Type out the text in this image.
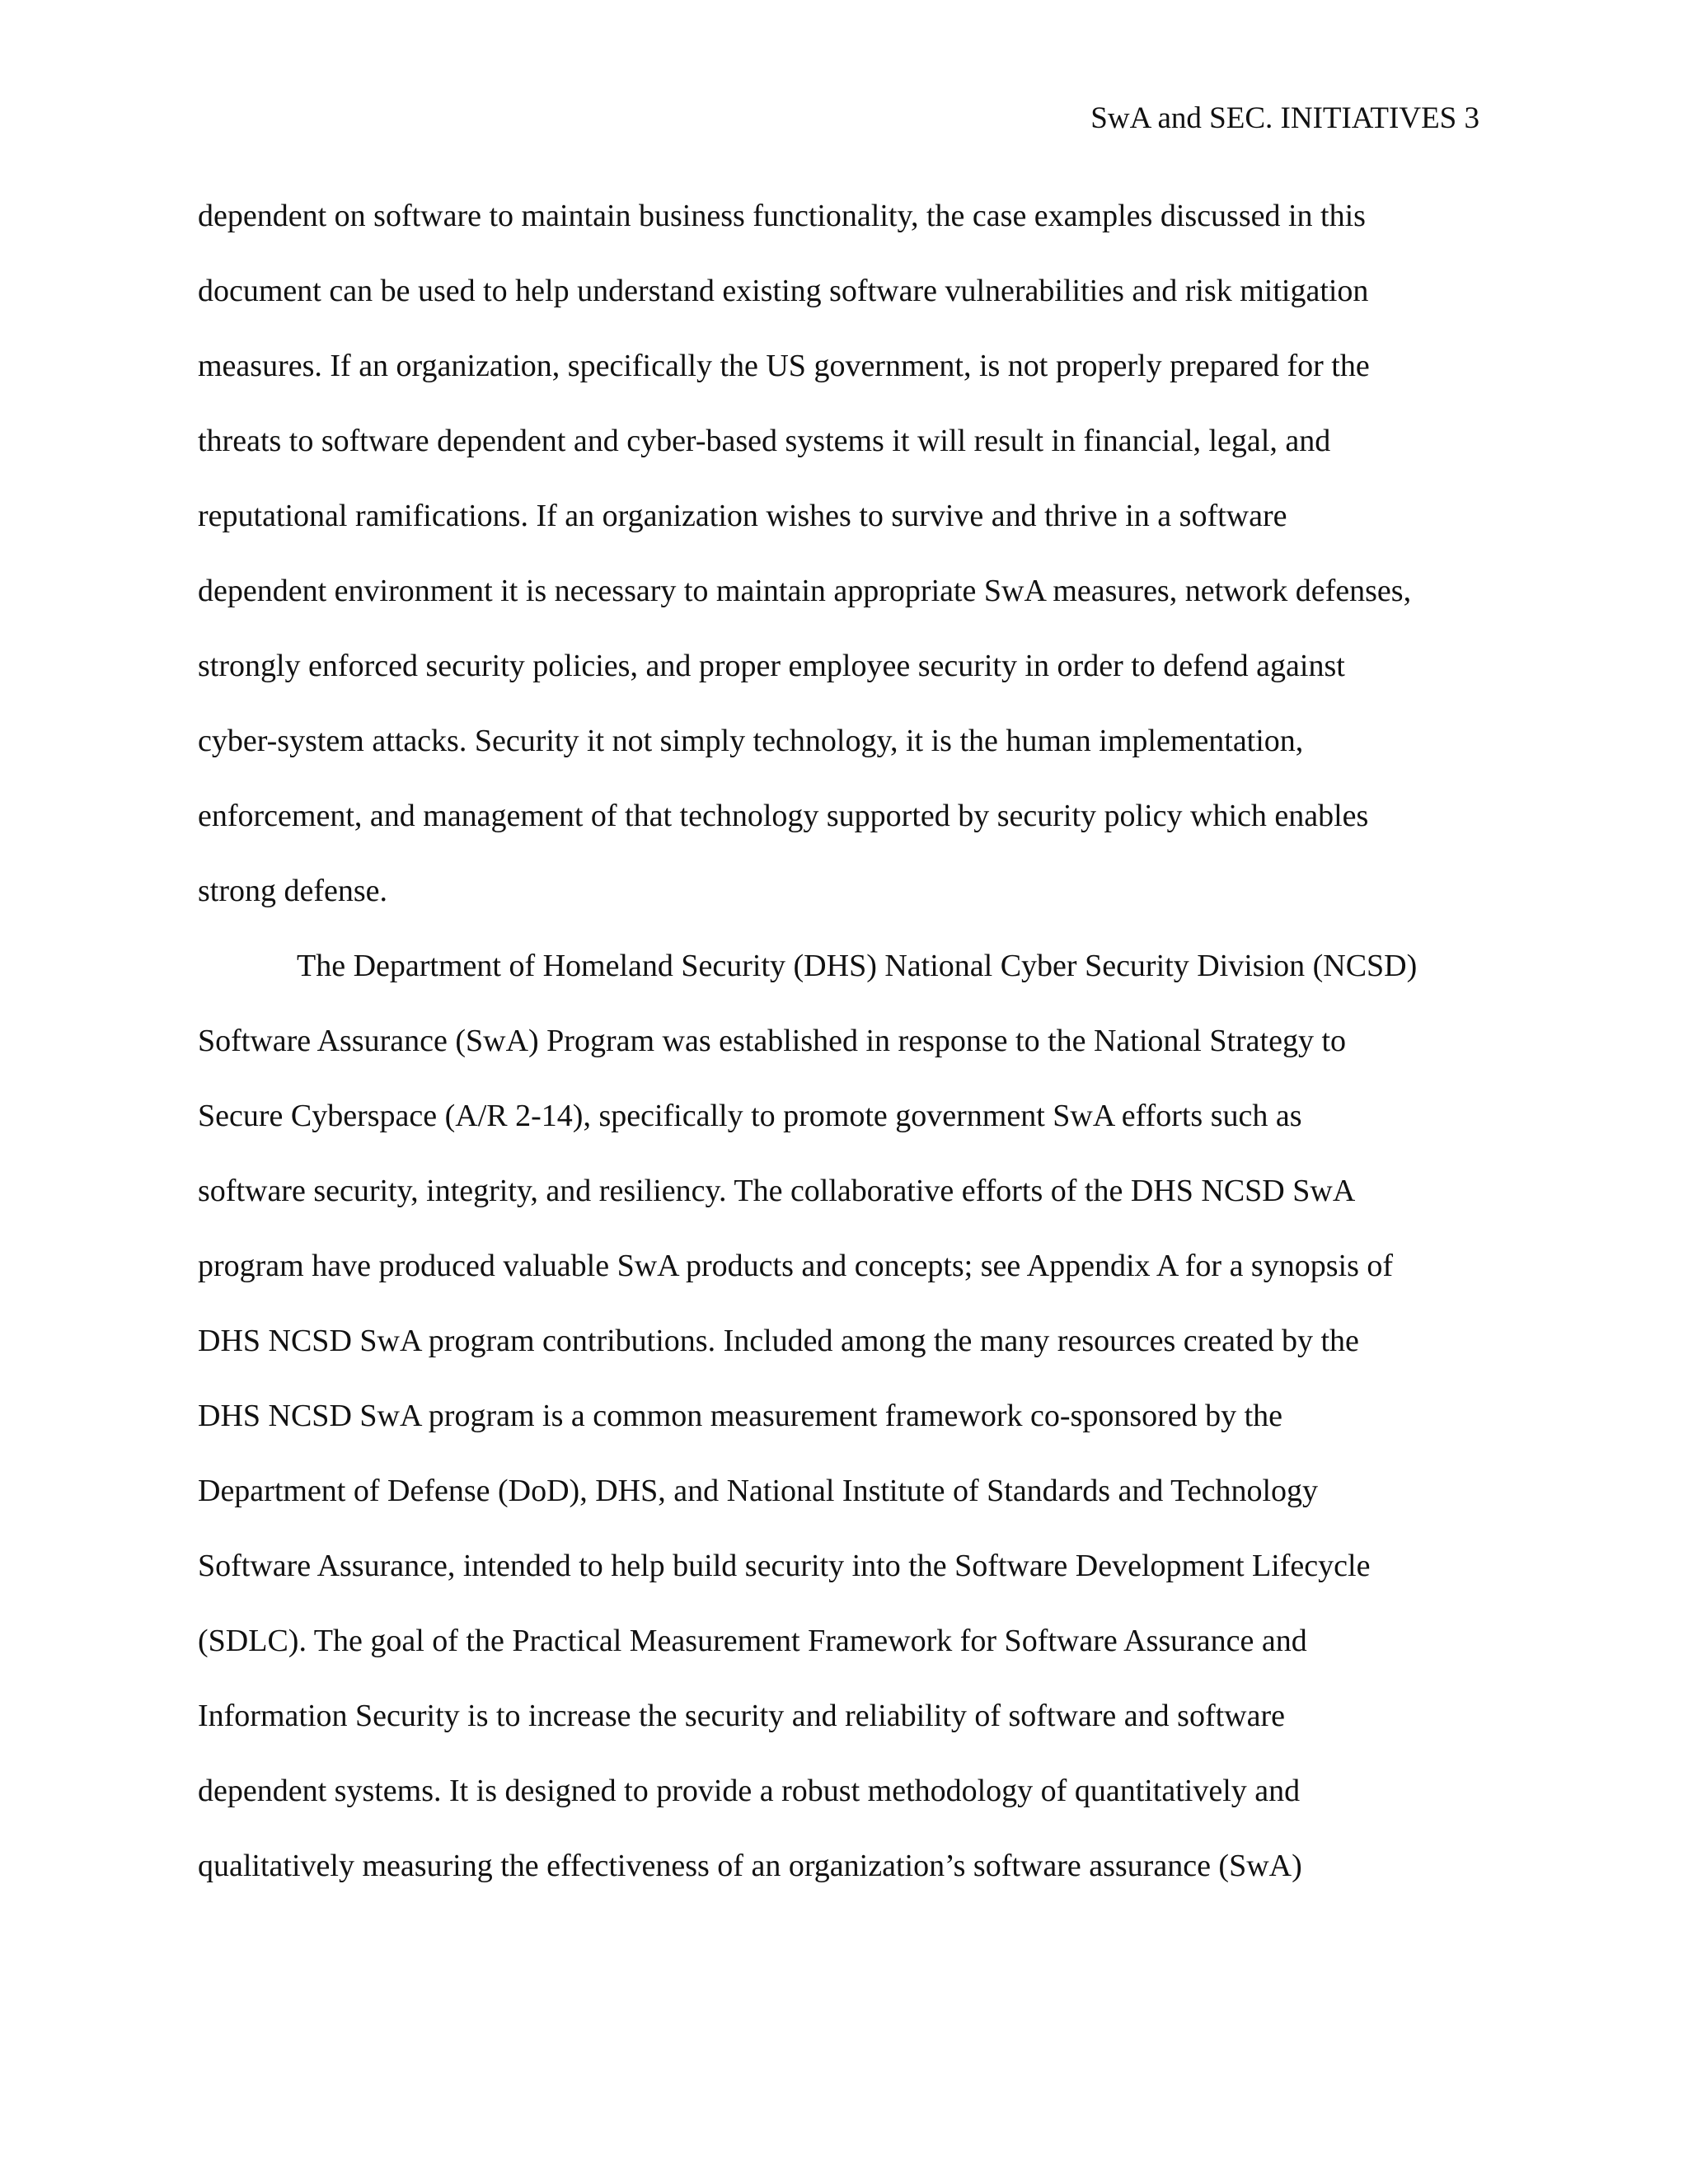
SwA and SEC. INITIATIVES 3
dependent on software to maintain business functionality, the case examples discussed in this
document can be used to help understand existing software vulnerabilities and risk mitigation
measures. If an organization, specifically the US government, is not properly prepared for the
threats to software dependent and cyber-based systems it will result in financial, legal, and
reputational ramifications. If an organization wishes to survive and thrive in a software
dependent environment it is necessary to maintain appropriate SwA measures, network defenses,
strongly enforced security policies, and proper employee security in order to defend against
cyber-system attacks. Security it not simply technology, it is the human implementation,
enforcement, and management of that technology supported by security policy which enables
strong defense.
The Department of Homeland Security (DHS) National Cyber Security Division (NCSD)
Software Assurance (SwA) Program was established in response to the National Strategy to
Secure Cyberspace (A/R 2-14), specifically to promote government SwA efforts such as
software security, integrity, and resiliency. The collaborative efforts of the DHS NCSD SwA
program have produced valuable SwA products and concepts; see Appendix A for a synopsis of
DHS NCSD SwA program contributions. Included among the many resources created by the
DHS NCSD SwA program is a common measurement framework co-sponsored by the
Department of Defense (DoD), DHS, and National Institute of Standards and Technology
Software Assurance, intended to help build security into the Software Development Lifecycle
(SDLC). The goal of the Practical Measurement Framework for Software Assurance and
Information Security is to increase the security and reliability of software and software
dependent systems. It is designed to provide a robust methodology of quantitatively and
qualitatively measuring the effectiveness of an organization’s software assurance (SwA)
